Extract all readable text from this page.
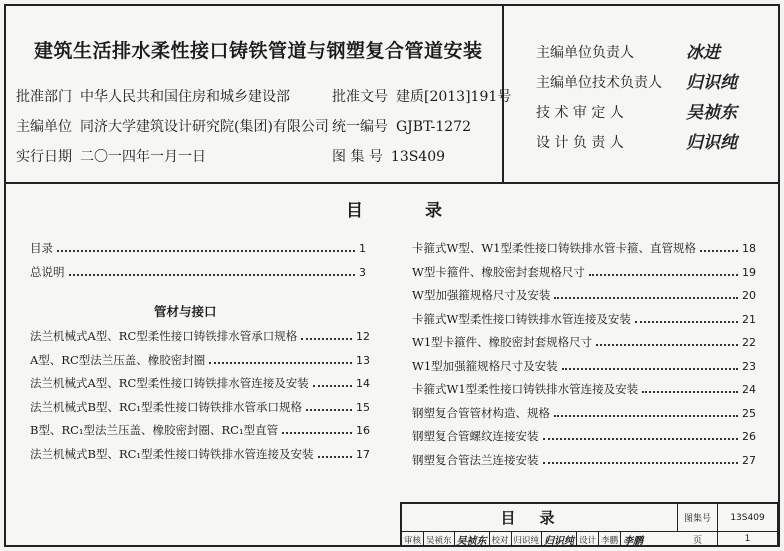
建筑生活排水柔性接口铸铁管道与钢塑复合管道安装
批准部门 中华人民共和国住房和城乡建设部	批准文号 建质[2013]191号
主编单位 同济大学建筑设计研究院(集团)有限公司 统一编号 GJBT-1272
实行日期 二〇一四年一月一日	图 集 号 13S409
主编单位负责人	冰进
主编单位技术负责人 归识纯
技 术 审 定 人	吴祯东
设 计 负 责 人	归识纯
目录
目录	1
总说明	3
管材与接口
法兰机械式A型、RC型柔性接口铸铁排水管承口规格	12
A型、RC型法兰压盖、橡胶密封圈	13
法兰机械式A型、RC型柔性接口铸铁排水管连接及安装	14
法兰机械式B型、RC₁型柔性接口铸铁排水管承口规格	15
B型、RC₁型法兰压盖、橡胶密封圈、RC₁型直管	16
法兰机械式B型、RC₁型柔性接口铸铁排水管连接及安装	17
卡箍式W型、W1型柔性接口铸铁排水管卡箍、直管规格	18
W型卡箍件、橡胶密封套规格尺寸	19
W型加强箍规格尺寸及安装	20
卡箍式W型柔性接口铸铁排水管连接及安装	21
W1型卡箍件、橡胶密封套规格尺寸	22
W1型加强箍规格尺寸及安装	23
卡箍式W1型柔性接口铸铁排水管连接及安装	24
钢塑复合管管材构造、规格	25
钢塑复合管螺纹连接安装	26
钢塑复合管法兰连接安装	27
目录	图集号	13S409
页	1
审核 吴祯东 吴祯东 校对 归识纯 归识纯 设计 李鹏 李鹏
